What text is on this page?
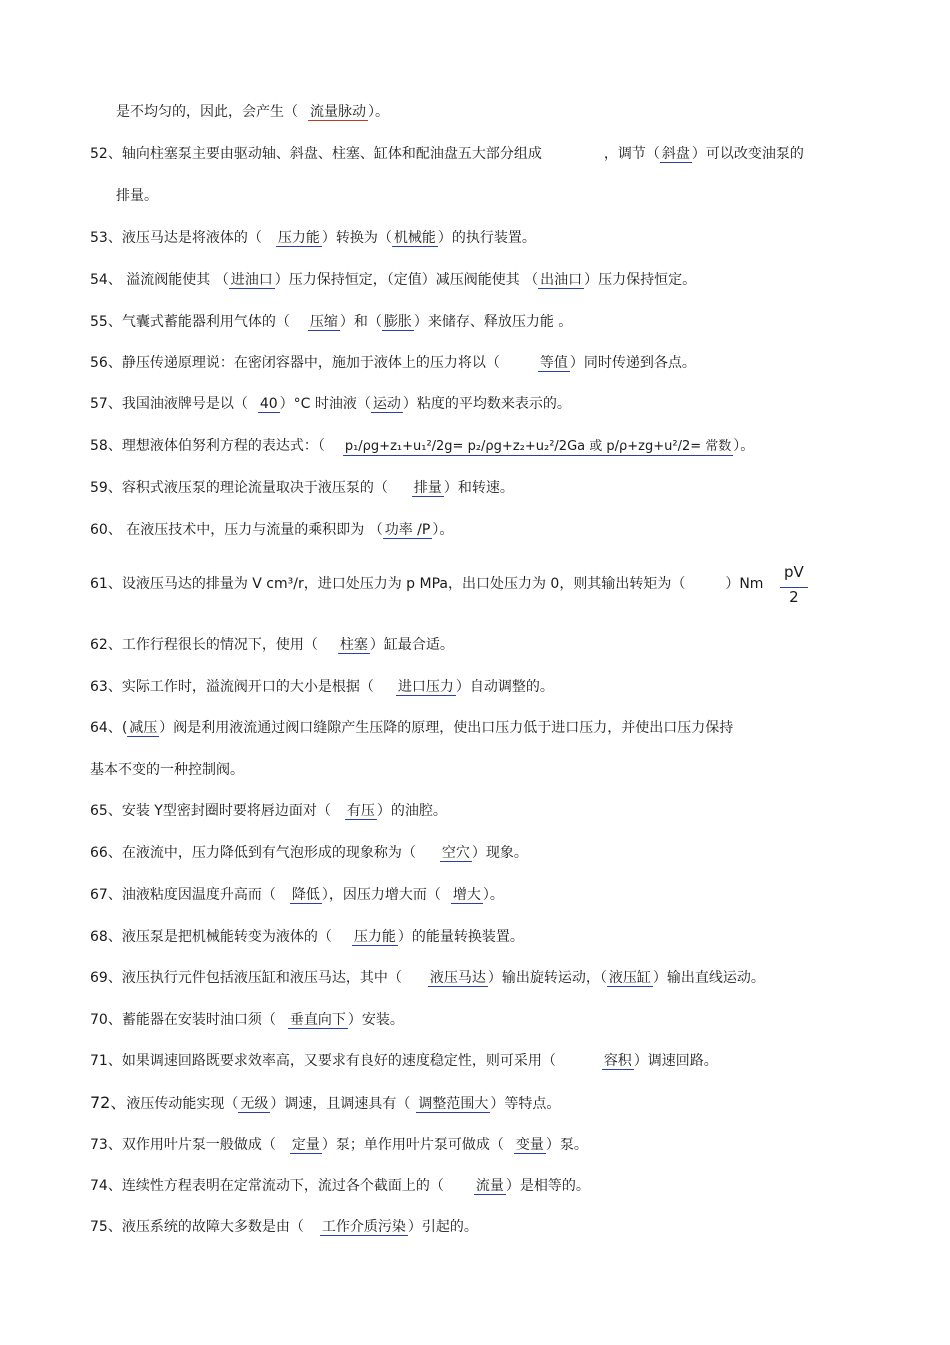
是不均匀的，因此，会产生（ 流量脉动 ）。
52、轴向柱塞泵主要由驱动轴、斜盘、柱塞、缸体和配油盘五大部分组成	，调节（ 斜盘 ）可以改变油泵的
排量。
53、液压马达是将液体的（ 压力能 ）转换为（ 机械能 ）的执行装置。
54、 溢流阀能使其 （ 进油口 ）压力保持恒定，（定值）减压阀能使其 （ 出油口 ）压力保持恒定。
55、气囊式蓄能器利用气体的（ 压缩 ）和（ 膨胀 ）来储存、释放压力能 。
56、静压传递原理说：在密闭容器中，施加于液体上的压力将以（	等值 ）同时传递到各点。
57、我国油液牌号是以（ 40 ）°C 时油液（ 运动 ）粘度的平均数来表示的。
58、理想液体伯努利方程的表达式：（ p₁/ρg+z₁+u₁²/2g= p₂/ρg+z₂+u₂²/2Ga 或 p/ρ+zg+u²/2= 常数 ）。
59、容积式液压泵的理论流量取决于液压泵的（ 排量 ）和转速。
60、 在液压技术中，压力与流量的乘积即为 （ 功率 /P ）。
61、设液压马达的排量为 V cm³/r，进口处压力为 p MPa，出口处压力为 0，则其输出转矩为（	）$Nm \frac{pV}{2}$
62、工作行程很长的情况下，使用（ 柱塞 ）缸最合适。
63、实际工作时，溢流阀开口的大小是根据（ 进口压力 ）自动调整的。
64、( 减压 ）阀是利用液流通过阀口缝隙产生压降的原理，使出口压力低于进口压力，并使出口压力保持
基本不变的一种控制阀。
65、安装 Y型密封圈时要将唇边面对（ 有压 ）的油腔。
66、在液流中，压力降低到有气泡形成的现象称为（ 空穴 ）现象。
67、油液粘度因温度升高而（ 降低 ），因压力增大而（ 增大 ）。
68、液压泵是把机械能转变为液体的（ 压力能 ）的能量转换装置。
69、液压执行元件包括液压缸和液压马达，其中（ 液压马达 ）输出旋转运动，（ 液压缸 ）输出直线运动。
70、蓄能器在安装时油口须（ 垂直向下 ）安装。
71、如果调速回路既要求效率高，又要求有良好的速度稳定性，则可采用（	容积 ）调速回路。
72、液压传动能实现（ 无级 ）调速，且调速具有（ 调整范围大 ）等特点。
73、双作用叶片泵一般做成（ 定量 ）泵；单作用叶片泵可做成（ 变量 ）泵。
74、连续性方程表明在定常流动下，流过各个截面上的（ 流量 ）是相等的。
75、液压系统的故障大多数是由（ 工作介质污染 ）引起的。
